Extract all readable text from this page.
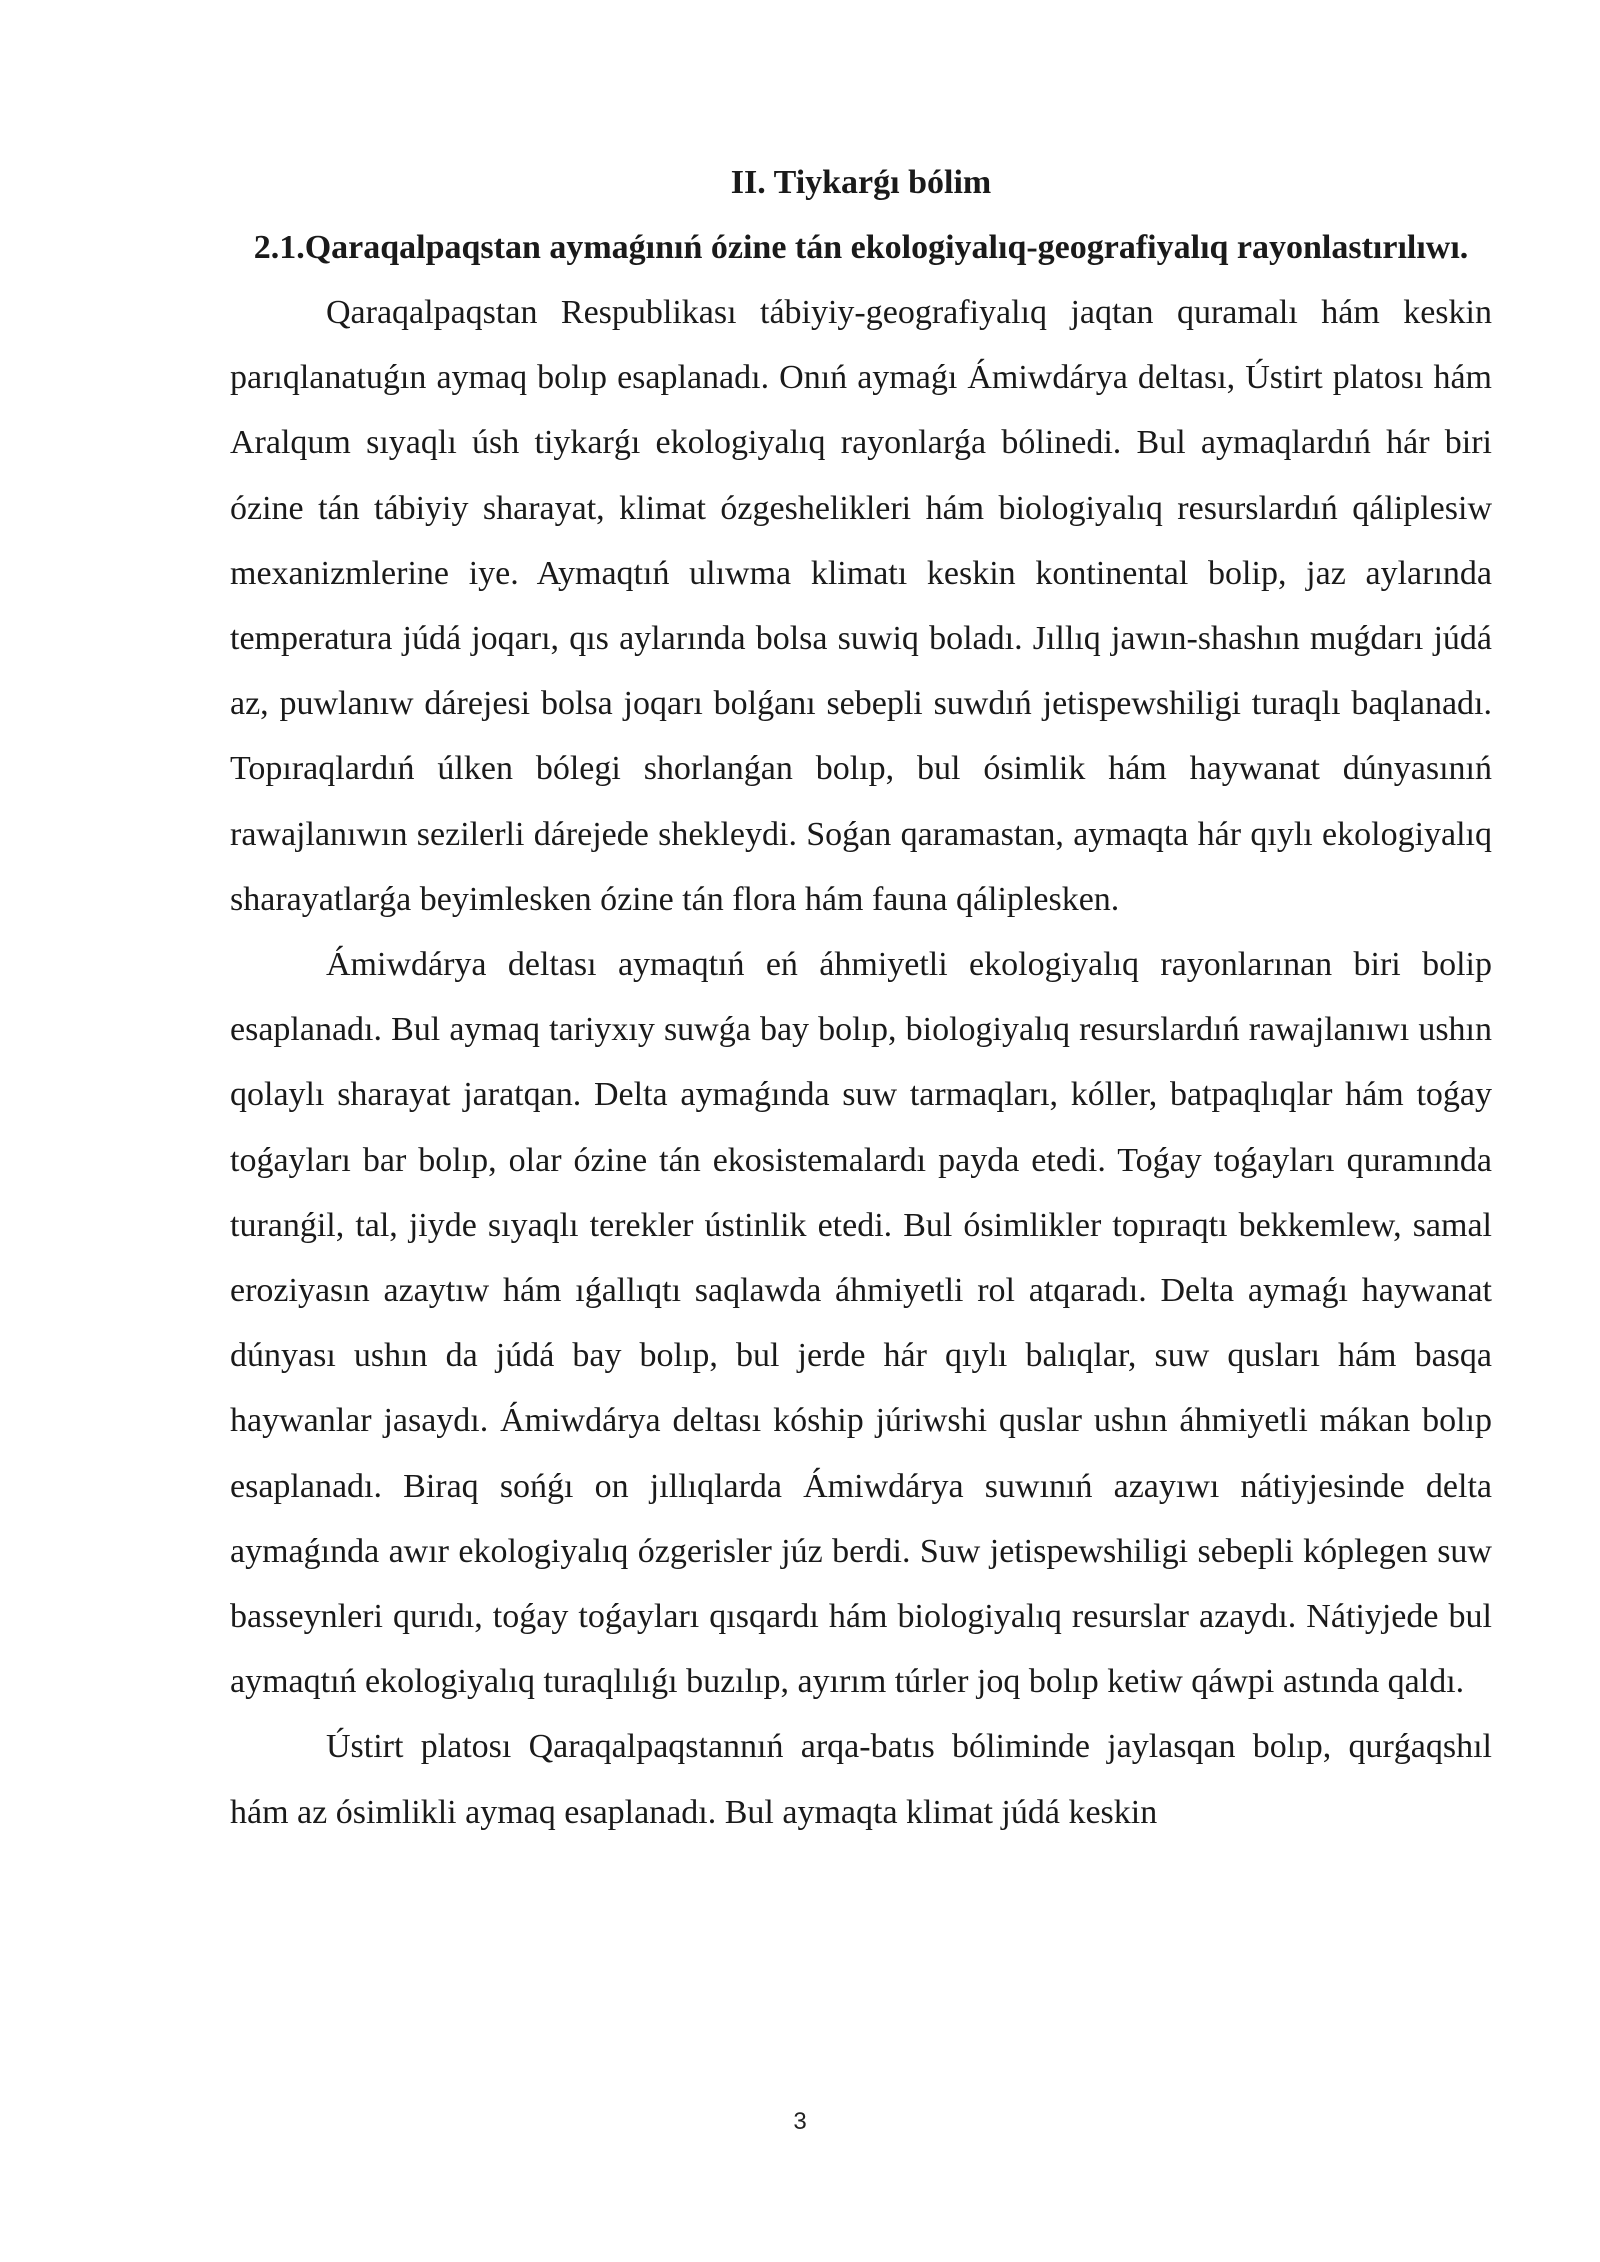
II. Tiykarǵı bólim
2.1.Qaraqalpaqstan aymaǵınıń ózine tán ekologiyalıq-geografiyalıq rayonlastırılıwı.

Qaraqalpaqstan Respublikası tábiyiy-geografiyalıq jaqtan quramalı hám keskin parıqlanatuǵın aymaq bolıp esaplanadı. Onıń aymaǵı Ámiwdárya deltası, Ústirt platosı hám Aralqum sıyaqlı úsh tiykarǵı ekologiyalıq rayonlarǵa bólinedi. Bul aymaqlardıń hár biri ózine tán tábiyiy sharayat, klimat ózgeshelikleri hám biologiyalıq resurslardıń qáliplesiw mexanizmlerine iye. Aymaqtıń ulıwma klimatı keskin kontinental bolip, jaz aylarında temperatura júdá joqarı, qıs aylarında bolsa suwiq boladı. Jıllıq jawın-shashın muǵdarı júdá az, puwlanıw dárejesi bolsa joqarı bolǵanı sebepli suwdıń jetispewshiligi turaqlı baqlanadı. Topıraqlardıń úlken bólegi shorlanǵan bolıp, bul ósimlik hám haywanat dúnyasınıń rawajlanıwın sezilerli dárejede shekleydi. Soǵan qaramastan, aymaqta hár qıylı ekologiyalıq sharayatlarǵa beyimlesken ózine tán flora hám fauna qáliplesken.

Ámiwdárya deltası aymaqtıń eń áhmiyetli ekologiyalıq rayonlarınan biri bolip esaplanadı. Bul aymaq tariyxıy suwǵa bay bolıp, biologiyalıq resurslardıń rawajlanıwı ushın qolaylı sharayat jaratqan. Delta aymaǵında suw tarmaqları, kóller, batpaqlıqlar hám toǵay toǵayları bar bolıp, olar ózine tán ekosistemalardı payda etedi. Toǵay toǵayları quramında turanǵil, tal, jiyde sıyaqlı terekler ústinlik etedi. Bul ósimlikler topıraqtı bekkemlew, samal eroziyasın azaytıw hám ıǵallıqtı saqlawda áhmiyetli rol atqaradı. Delta aymaǵı haywanat dúnyası ushın da júdá bay bolıp, bul jerde hár qıylı balıqlar, suw qusları hám basqa haywanlar jasaydı. Ámiwdárya deltası kóship júriwshi quslar ushın áhmiyetli mákan bolıp esaplanadı. Biraq sońǵı on jıllıqlarda Ámiwdárya suwınıń azayıwı nátiyjesinde delta aymaǵında awır ekologiyalıq ózgerisler júz berdi. Suw jetispewshiligi sebepli kóplegen suw basseynleri qurıdı, toǵay toǵayları qısqardı hám biologiyalıq resurslar azaydı. Nátiyjede bul aymaqtıń ekologiyalıq turaqlılıǵı buzılıp, ayırım túrler joq bolıp ketiw qáwpi astında qaldı.

Ústirt platosı Qaraqalpaqstannıń arqa-batıs bóliminde jaylasqan bolıp, qurǵaqshıl hám az ósimlikli aymaq esaplanadı. Bul aymaqta klimat júdá keskin

3
